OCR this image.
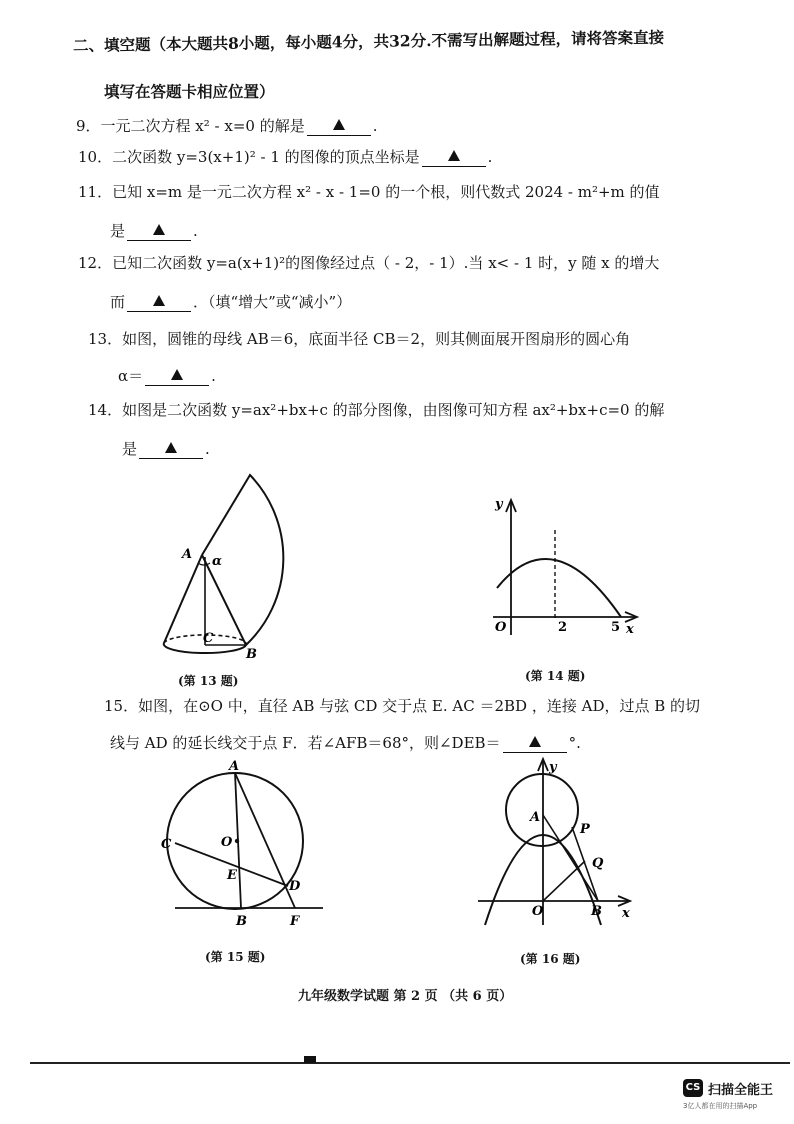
二、填空题（本大题共8小题，每小题4分，共32分.不需写出解题过程，请将答案直接
填写在答题卡相应位置）
9．一元二次方程 x² - x=0 的解是	.
10．二次函数 y=3(x+1)² - 1 的图像的顶点坐标是	.
11．已知 x=m 是一元二次方程 x² - x - 1=0 的一个根，则代数式 2024 - m²+m 的值
是	.
12．已知二次函数 y=a(x+1)²的图像经过点（ - 2，- 1）.当 x< - 1 时，y 随 x 的增大
而	．（填“增大”或“减小”）
13．如图，圆锥的母线 AB＝6，底面半径 CB＝2，则其侧面展开图扇形的圆心角
α＝	.
14．如图是二次函数 y=ax²+bx+c 的部分图像，由图像可知方程 ax²+bx+c=0 的解
是	.
A α
C
B
(第 13 题)
y
O	2	5 x
(第 14 题)
15．如图，在⊙O 中，直径 AB 与弦 CD 交于点 E. AC ＝2BD ，连接 AD，过点 B 的切
线与 AD 的延长线交于点 F．若∠AFB＝68°，则∠DEB＝	°.
A
C	O
E
D
B	F
(第 15 题)
y
A
P
Q
O	B x
(第 16 题)
九年级数学试题 第 2 页 （共 6 页）
CS 扫描全能王
3亿人都在用的扫描App
